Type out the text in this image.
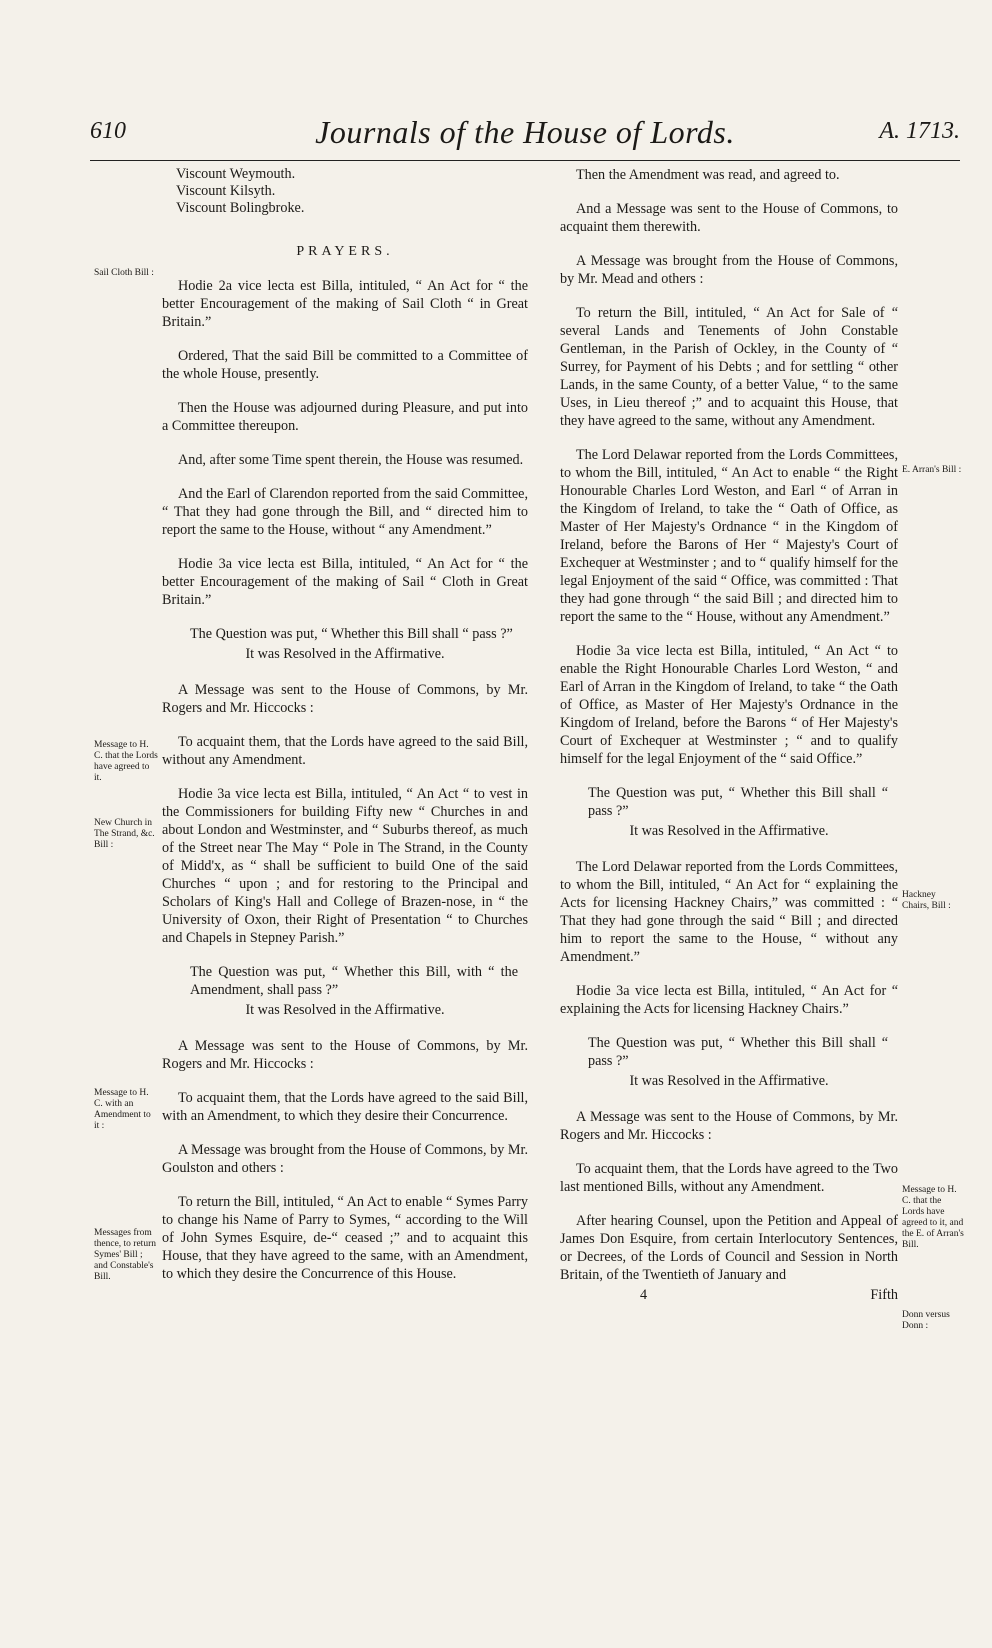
610	Journals of the House of Lords.	A. 1713.
Viscount Weymouth.
Viscount Kilsyth.
Viscount Bolingbroke.
PRAYERS.

Hodie 2a vice lecta est Billa, intituled, “ An Act for “ the better Encouragement of the making of Sail Cloth “ in Great Britain.”

Ordered, That the said Bill be committed to a Committee of the whole House, presently.

Then the House was adjourned during Pleasure, and put into a Committee thereupon.

And, after some Time spent therein, the House was resumed.

And the Earl of Clarendon reported from the said Committee, “ That they had gone through the Bill, and “ directed him to report the same to the House, without “ any Amendment.”

Hodie 3a vice lecta est Billa, intituled, “ An Act for “ the better Encouragement of the making of Sail “ Cloth in Great Britain.”

The Question was put, “ Whether this Bill shall “ pass ?”

It was Resolved in the Affirmative.

A Message was sent to the House of Commons, by Mr. Rogers and Mr. Hiccocks :

To acquaint them, that the Lords have agreed to the said Bill, without any Amendment.

Hodie 3a vice lecta est Billa, intituled, “ An Act “ to vest in the Commissioners for building Fifty new “ Churches in and about London and Westminster, and “ Suburbs thereof, as much of the Street near The May “ Pole in The Strand, in the County of Midd'x, as “ shall be sufficient to build One of the said Churches “ upon ; and for restoring to the Principal and Scholars of King's Hall and College of Brazen-nose, in “ the University of Oxon, their Right of Presentation “ to Churches and Chapels in Stepney Parish.”

The Question was put, “ Whether this Bill, with “ the Amendment, shall pass ?”

It was Resolved in the Affirmative.

A Message was sent to the House of Commons, by Mr. Rogers and Mr. Hiccocks :

To acquaint them, that the Lords have agreed to the said Bill, with an Amendment, to which they desire their Concurrence.

A Message was brought from the House of Commons, by Mr. Goulston and others :

To return the Bill, intituled, “ An Act to enable “ Symes Parry to change his Name of Parry to Symes, “ according to the Will of John Symes Esquire, de-“ ceased ;” and to acquaint this House, that they have agreed to the same, with an Amendment, to which they desire the Concurrence of this House.

Then the Amendment was read, and agreed to.

And a Message was sent to the House of Commons, to acquaint them therewith.

A Message was brought from the House of Commons, by Mr. Mead and others :

To return the Bill, intituled, “ An Act for Sale of “ several Lands and Tenements of John Constable Gentleman, in the Parish of Ockley, in the County of “ Surrey, for Payment of his Debts ; and for settling “ other Lands, in the same County, of a better Value, “ to the same Uses, in Lieu thereof ;” and to acquaint this House, that they have agreed to the same, without any Amendment.

The Lord Delawar reported from the Lords Committees, to whom the Bill, intituled, “ An Act to enable “ the Right Honourable Charles Lord Weston, and Earl “ of Arran in the Kingdom of Ireland, to take the “ Oath of Office, as Master of Her Majesty's Ordnance “ in the Kingdom of Ireland, before the Barons of Her “ Majesty's Court of Exchequer at Westminster ; and to “ qualify himself for the legal Enjoyment of the said “ Office, was committed : That they had gone through “ the said Bill ; and directed him to report the same to the “ House, without any Amendment.”

Hodie 3a vice lecta est Billa, intituled, “ An Act “ to enable the Right Honourable Charles Lord Weston, “ and Earl of Arran in the Kingdom of Ireland, to take “ the Oath of Office, as Master of Her Majesty's Ordnance in the Kingdom of Ireland, before the Barons “ of Her Majesty's Court of Exchequer at Westminster ; “ and to qualify himself for the legal Enjoyment of the “ said Office.”

The Question was put, “ Whether this Bill shall “ pass ?”

It was Resolved in the Affirmative.

The Lord Delawar reported from the Lords Committees, to whom the Bill, intituled, “ An Act for “ explaining the Acts for licensing Hackney Chairs,” was committed : “ That they had gone through the said “ Bill ; and directed him to report the same to the House, “ without any Amendment.”

Hodie 3a vice lecta est Billa, intituled, “ An Act for “ explaining the Acts for licensing Hackney Chairs.”

The Question was put, “ Whether this Bill shall “ pass ?”

It was Resolved in the Affirmative.

A Message was sent to the House of Commons, by Mr. Rogers and Mr. Hiccocks :

To acquaint them, that the Lords have agreed to the Two last mentioned Bills, without any Amendment.

After hearing Counsel, upon the Petition and Appeal of James Don Esquire, from certain Interlocutory Sentences, or Decrees, of the Lords of Council and Session in North Britain, of the Twentieth of January and

4	Fifth
Sail Cloth Bill :
Message to H. C. that the Lords have agreed to it.
New Church in The Strand, &c. Bill :
Message to H. C. with an Amendment to it :
Messages from thence, to return Symes' Bill ; and Constable's Bill.
E. Arran's Bill :
Hackney Chairs, Bill :
Message to H. C. that the Lords have agreed to it, and the E. of Arran's Bill.
Donn versus Donn :
